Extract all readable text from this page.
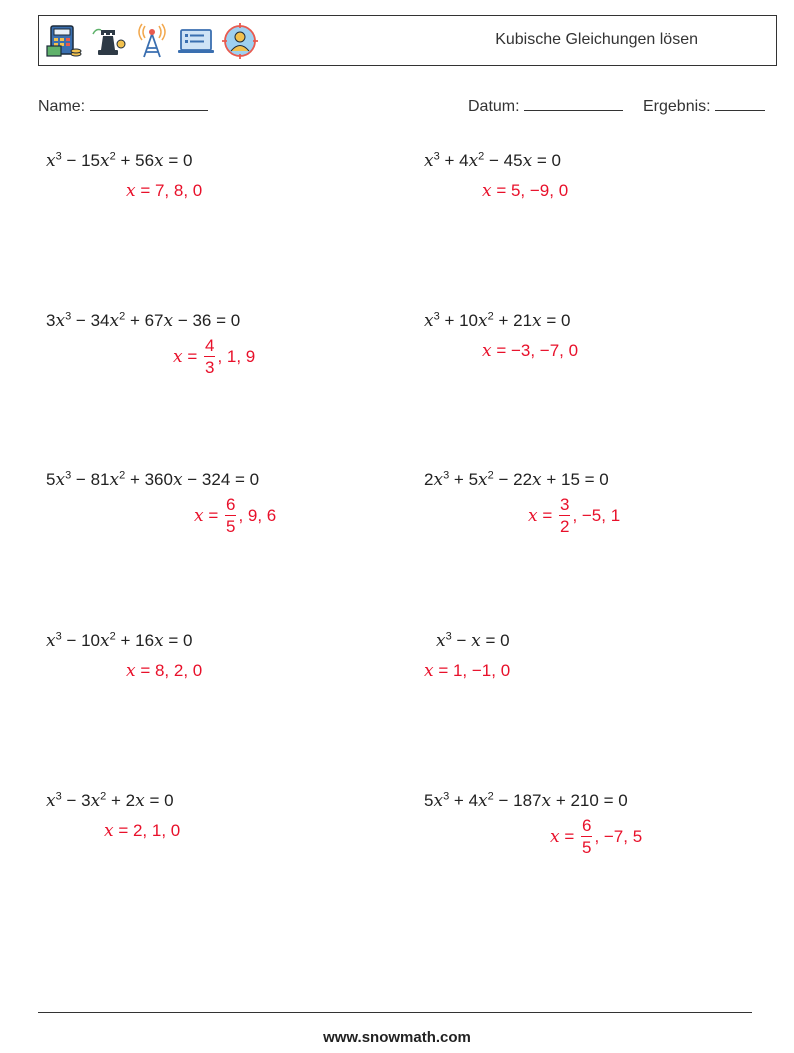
Kubische Gleichungen lösen
Name:	Datum:	Ergebnis:
$x^3 - 15x^2 + 56x = 0$
x = 7, 8, 0
$x^3 + 4x^2 - 45x = 0$
x = 5, −9, 0
$3x^3 - 34x^2 + 67x - 36 = 0$
$x = \frac{4}{3}$ , 1, 9
$x^3 + 10x^2 + 21x = 0$
x = −3, −7, 0
$5x^3 - 81x^2 + 360x - 324 = 0$
$x = \frac{6}{5}$ , 9, 6
$2x^3 + 5x^2 - 22x + 15 = 0$
$x = \frac{3}{2}$ , −5, 1
$x^3 - 10x^2 + 16x = 0$
x = 8, 2, 0
$x^3 - x = 0$
x = 1, −1, 0
$x^3 - 3x^2 + 2x = 0$
x = 2, 1, 0
$5x^3 + 4x^2 - 187x + 210 = 0$
$x = \frac{6}{5}$ , −7, 5
www.snowmath.com
